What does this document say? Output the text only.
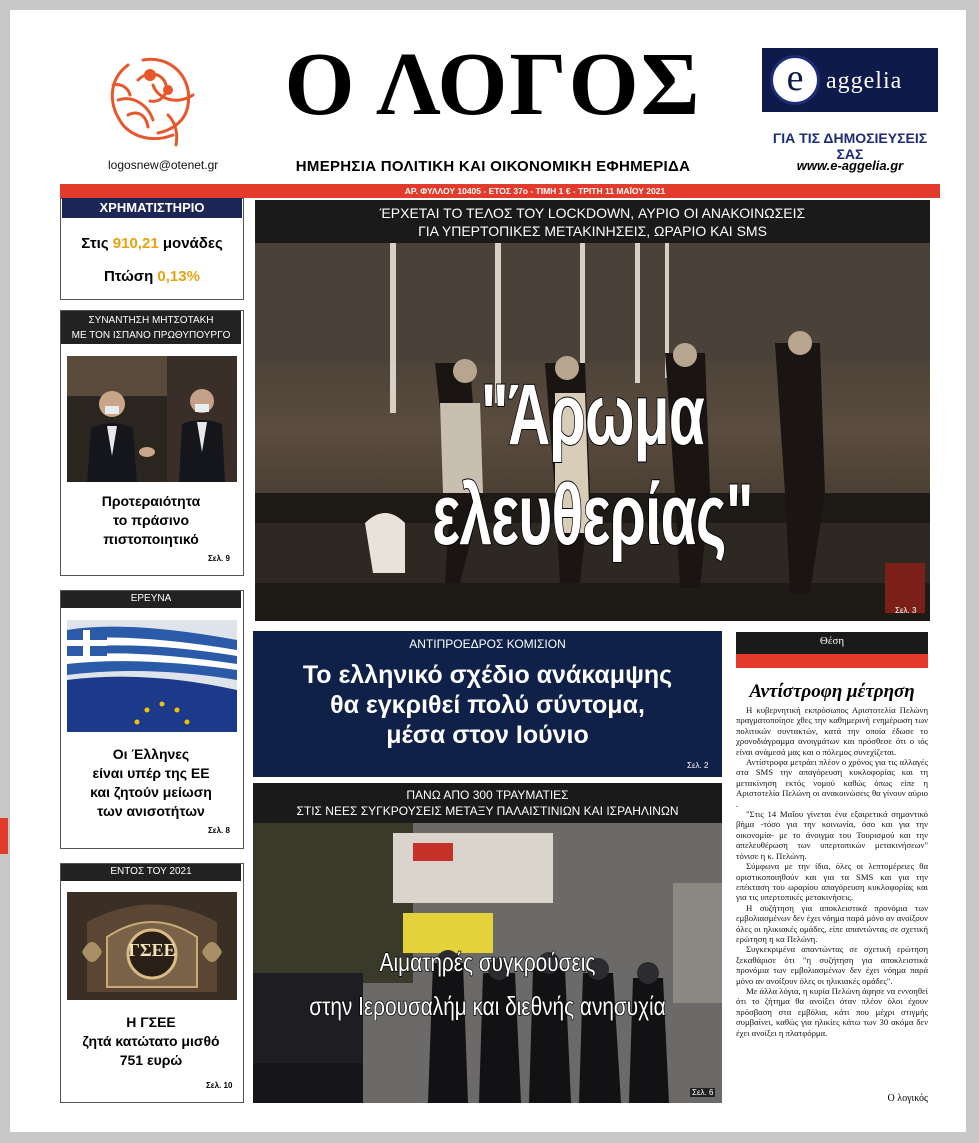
logosnew@otenet.gr
Ο ΛΟΓΟΣ
ΗΜΕΡΗΣΙΑ ΠΟΛΙΤΙΚΗ ΚΑΙ ΟΙΚΟΝΟΜΙΚΗ ΕΦΗΜΕΡΙΔΑ
e aggelia
ΓΙΑ ΤΙΣ ΔΗΜΟΣΙΕΥΣΕΙΣ ΣΑΣ
www.e-aggelia.gr
ΑΡ. ΦΥΛΛΟΥ 10405 - ΕΤΟΣ 37ο - ΤΙΜΗ 1 € - ΤΡΙΤΗ 11 ΜΑΪΟΥ 2021
ΧΡΗΜΑΤΙΣΤΗΡΙΟ
Στις 910,21 μονάδες
Πτώση 0,13%
ΣΥΝΑΝΤΗΣΗ ΜΗΤΣΟΤΑΚΗ
ΜΕ ΤΟΝ ΙΣΠΑΝΟ ΠΡΩΘΥΠΟΥΡΓΟ
Προτεραιότητα
το πράσινο
πιστοποιητικό
Σελ. 9
ΕΡΕΥΝΑ
Οι Έλληνες
είναι υπέρ της ΕΕ
και ζητούν μείωση
των ανισοτήτων
Σελ. 8
ΕΝΤΟΣ ΤΟΥ 2021
ΓΣΕΕ
Η ΓΣΕΕ
ζητά κατώτατο μισθό
751 ευρώ
Σελ. 10
ΈΡΧΕΤΑΙ ΤΟ ΤΕΛΟΣ ΤΟΥ LOCKDOWN, ΑΥΡΙΟ ΟΙ ΑΝΑΚΟΙΝΩΣΕΙΣ
ΓΙΑ ΥΠΕΡΤΟΠΙΚΕΣ ΜΕΤΑΚΙΝΗΣΕΙΣ, ΩΡΑΡΙΟ ΚΑΙ SMS
"Άρωμα ελευθερίας"
Σελ. 3
ΑΝΤΙΠΡΟΕΔΡΟΣ ΚΟΜΙΣΙΟΝ
Το ελληνικό σχέδιο ανάκαμψης
θα εγκριθεί πολύ σύντομα,
μέσα στον Ιούνιο
Σελ. 2
ΠΑΝΩ ΑΠΟ 300 ΤΡΑΥΜΑΤΙΕΣ
ΣΤΙΣ ΝΕΕΣ ΣΥΓΚΡΟΥΣΕΙΣ ΜΕΤΑΞΥ ΠΑΛΑΙΣΤΙΝΙΩΝ ΚΑΙ ΙΣΡΑΗΛΙΝΩΝ
Αιματηρές συγκρούσεις
στην Ιερουσαλήμ και διεθνής ανησυχία
Σελ. 6
Θέση
Αντίστροφη μέτρηση

Η κυβερνητική εκπρόσωπος Αριστοτελία Πελώνη πραγματοποίησε χθες την καθημερινή ενημέρωση των πολιτικών συντακτών, κατά την οποία έδωσε το χρονοδιάγραμμα ανοιγμάτων και πρόσθεσε ότι ο ιός είναι ανάμεσά μας και ο πόλεμος συνεχίζεται.

Αντίστροφα μετράει πλέον ο χρόνος για τις αλλαγές στα SMS την απαγόρευση κυκλοφορίας και τη μετακίνηση εκτός νομού καθώς όπως είπε η Αριστοτελία Πελώνη οι ανακοινώσεις θα γίνουν αύριο .

"Στις 14 Μαΐου γίνεται ένα εξαιρετικά σημαντικό βήμα -τόσο για την κοινωνία, όσο και για την οικονομία- με το άνοιγμα του Τουρισμού και την απελευθέρωση των υπερτοπικών μετακινήσεων" τόνισε η κ. Πελώνη.

Σύμφωνα με την ίδια, όλες οι λεπτομέρειες θα οριστικοποιηθούν και για τα SMS και για την επέκταση του ωραρίου απαγόρευση κυκλοφορίας και για τις υπερτοπικές μετακινήσεις.

Η συζήτηση για αποκλειστικά προνόμια των εμβολιασμένων δεν έχει νόημα παρά μόνο αν ανοίξουν όλες οι ηλικιακές ομάδες, είπε απαντώντας σε σχετική ερώτηση η κα Πελώνη.

Συγκεκριμένα απαντώντας σε σχετική ερώτηση ξεκαθάρισε ότι "η συζήτηση για αποκλειστικά προνόμια των εμβολιασμένων δεν έχει νόημα παρά μόνο αν ανοίξουν όλες οι ηλικιακές ομάδες".

Με άλλα λόγια, η κυρία Πελώνη άφησε να εννοηθεί ότι το ζήτημα θα ανοίξει όταν πλέον όλοι έχουν πρόσβαση στα εμβόλια, κάτι που μέχρι στιγμής συμβαίνει, καθώς για ηλικίες κάτω των 30 ακόμα δεν έχει ανοίξει η πλατφόρμα.

Ο λογικός
